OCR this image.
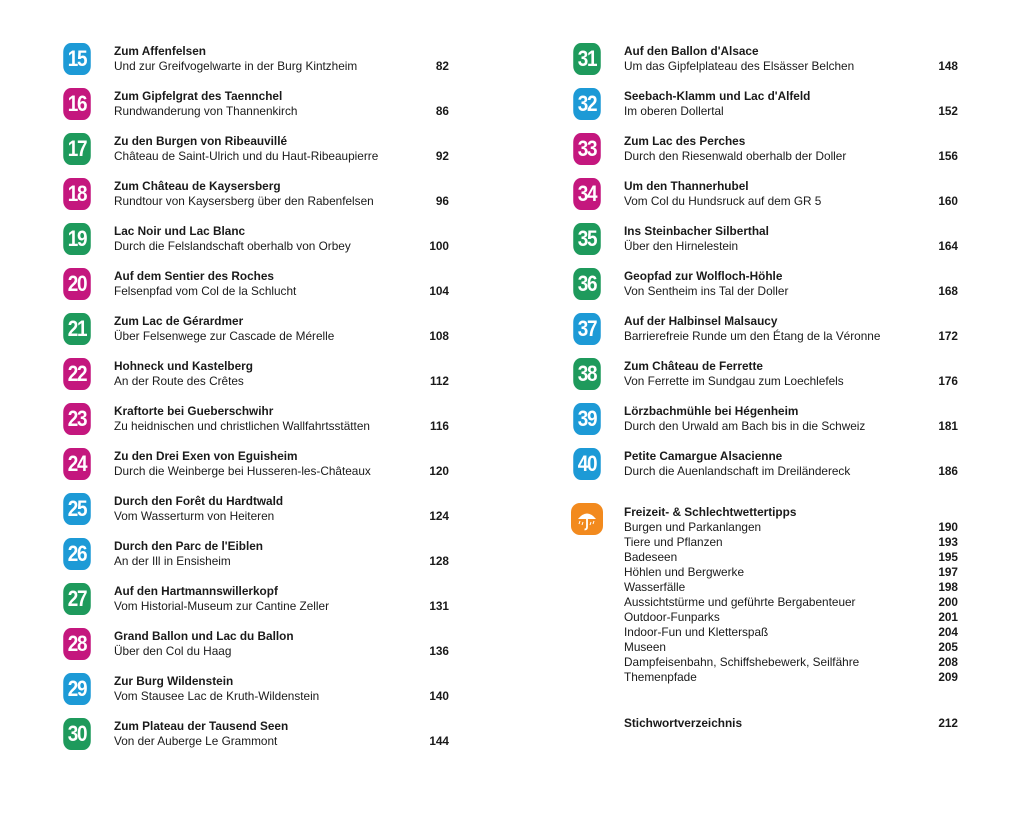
15	Zum Affenfelsen
Und zur Greifvogelwarte in der Burg Kintzheim	82
16	Zum Gipfelgrat des Taennchel
Rundwanderung von Thannenkirch	86
17	Zu den Burgen von Ribeauvillé
Château de Saint-Ulrich und du Haut-Ribeaupierre	92
18	Zum Château de Kaysersberg
Rundtour von Kaysersberg über den Rabenfelsen	96
19	Lac Noir und Lac Blanc
Durch die Felslandschaft oberhalb von Orbey	100
20	Auf dem Sentier des Roches
Felsenpfad vom Col de la Schlucht	104
21	Zum Lac de Gérardmer
Über Felsenwege zur Cascade de Mérelle	108
22	Hohneck und Kastelberg
An der Route des Crêtes	112
23	Kraftorte bei Gueberschwihr
Zu heidnischen und christlichen Wallfahrtsstätten	116
24	Zu den Drei Exen von Eguisheim
Durch die Weinberge bei Husseren-les-Châteaux	120
25	Durch den Forêt du Hardtwald
Vom Wasserturm von Heiteren	124
26	Durch den Parc de l'Eiblen
An der Ill in Ensisheim	128
27	Auf den Hartmannswillerkopf
Vom Historial-Museum zur Cantine Zeller	131
28	Grand Ballon und Lac du Ballon
Über den Col du Haag	136
29	Zur Burg Wildenstein
Vom Stausee Lac de Kruth-Wildenstein	140
30	Zum Plateau der Tausend Seen
Von der Auberge Le Grammont	144
31	Auf den Ballon d'Alsace
Um das Gipfelplateau des Elsässer Belchen	148
32	Seebach-Klamm und Lac d'Alfeld
Im oberen Dollertal	152
33	Zum Lac des Perches
Durch den Riesenwald oberhalb der Doller	156
34	Um den Thannerhubel
Vom Col du Hundsruck auf dem GR 5	160
35	Ins Steinbacher Silberthal
Über den Hirnelestein	164
36	Geopfad zur Wolfloch-Höhle
Von Sentheim ins Tal der Doller	168
37	Auf der Halbinsel Malsaucy
Barrierefreie Runde um den Étang de la Véronne	172
38	Zum Château de Ferrette
Von Ferrette im Sundgau zum Loechlefels	176
39	Lörzbachmühle bei Hégenheim
Durch den Urwald am Bach bis in die Schweiz	181
40	Petite Camargue Alsacienne
Durch die Auenlandschaft im Dreiländereck	186
Freizeit- & Schlechtwettertipps
Burgen und Parkanlangen	190
Tiere und Pflanzen	193
Badeseen	195
Höhlen und Bergwerke	197
Wasserfälle	198
Aussichtstürme und geführte Bergabenteuer	200
Outdoor-Funparks	201
Indoor-Fun und Kletterspaß	204
Museen	205
Dampfeisenbahn, Schiffshebewerk, Seilfähre	208
Themenpfade	209
Stichwortverzeichnis	212
